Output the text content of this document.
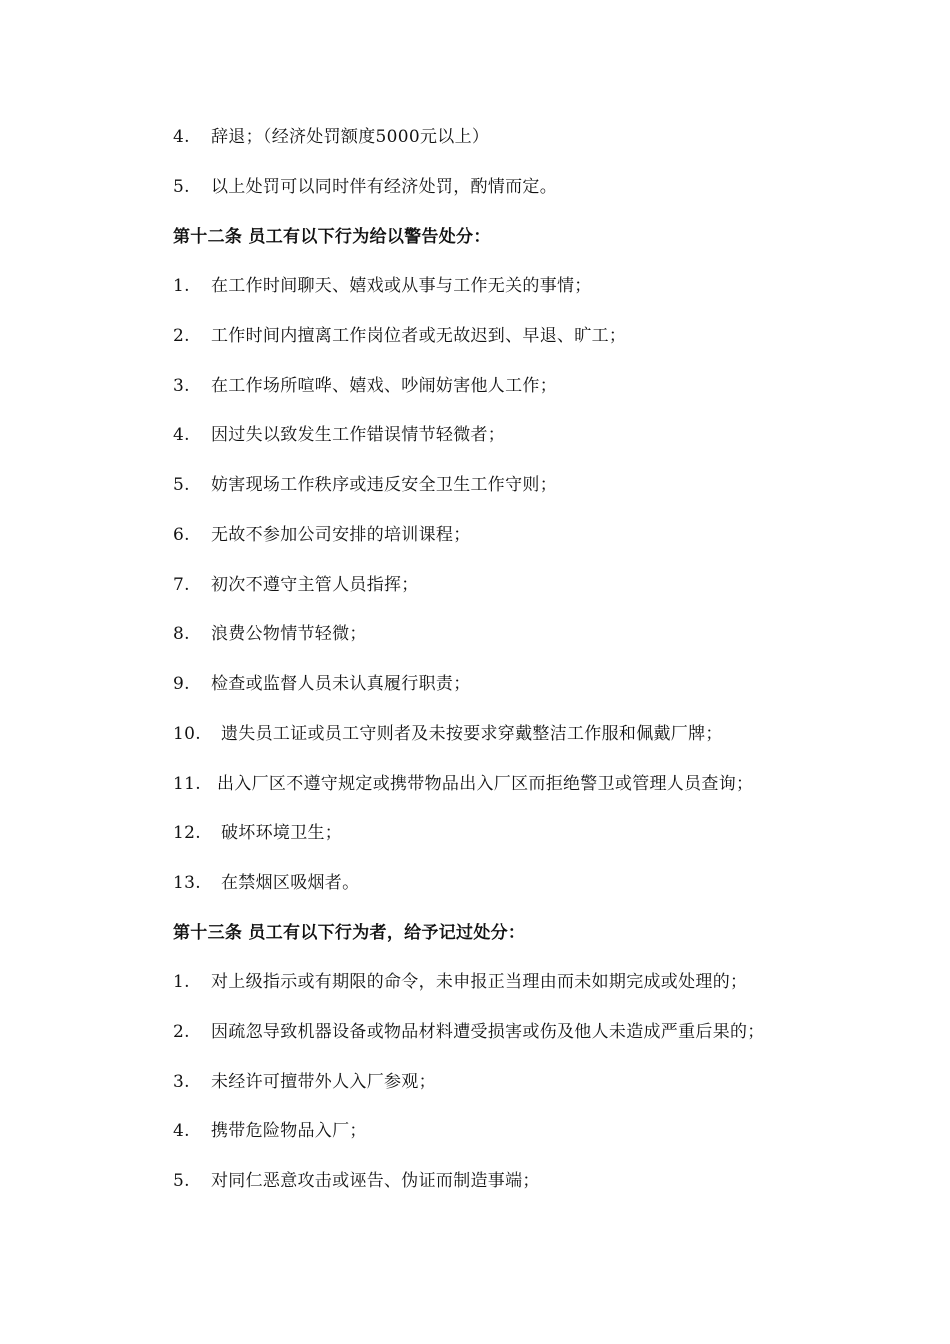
4. 辞退；（经济处罚额度5000元以上）
5. 以上处罚可以同时伴有经济处罚，酌情而定。
第十二条 员工有以下行为给以警告处分：
1. 在工作时间聊天、嬉戏或从事与工作无关的事情；
2. 工作时间内擅离工作岗位者或无故迟到、早退、旷工；
3. 在工作场所喧哗、嬉戏、吵闹妨害他人工作；
4. 因过失以致发生工作错误情节轻微者；
5. 妨害现场工作秩序或违反安全卫生工作守则；
6. 无故不参加公司安排的培训课程；
7. 初次不遵守主管人员指挥；
8. 浪费公物情节轻微；
9. 检查或监督人员未认真履行职责；
10. 遗失员工证或员工守则者及未按要求穿戴整洁工作服和佩戴厂牌；
11. 出入厂区不遵守规定或携带物品出入厂区而拒绝警卫或管理人员查询；
12. 破坏环境卫生；
13. 在禁烟区吸烟者。
第十三条 员工有以下行为者，给予记过处分：
1. 对上级指示或有期限的命令，未申报正当理由而未如期完成或处理的；
2. 因疏忽导致机器设备或物品材料遭受损害或伤及他人未造成严重后果的；
3. 未经许可擅带外人入厂参观；
4. 携带危险物品入厂；
5. 对同仁恶意攻击或诬告、伪证而制造事端；
